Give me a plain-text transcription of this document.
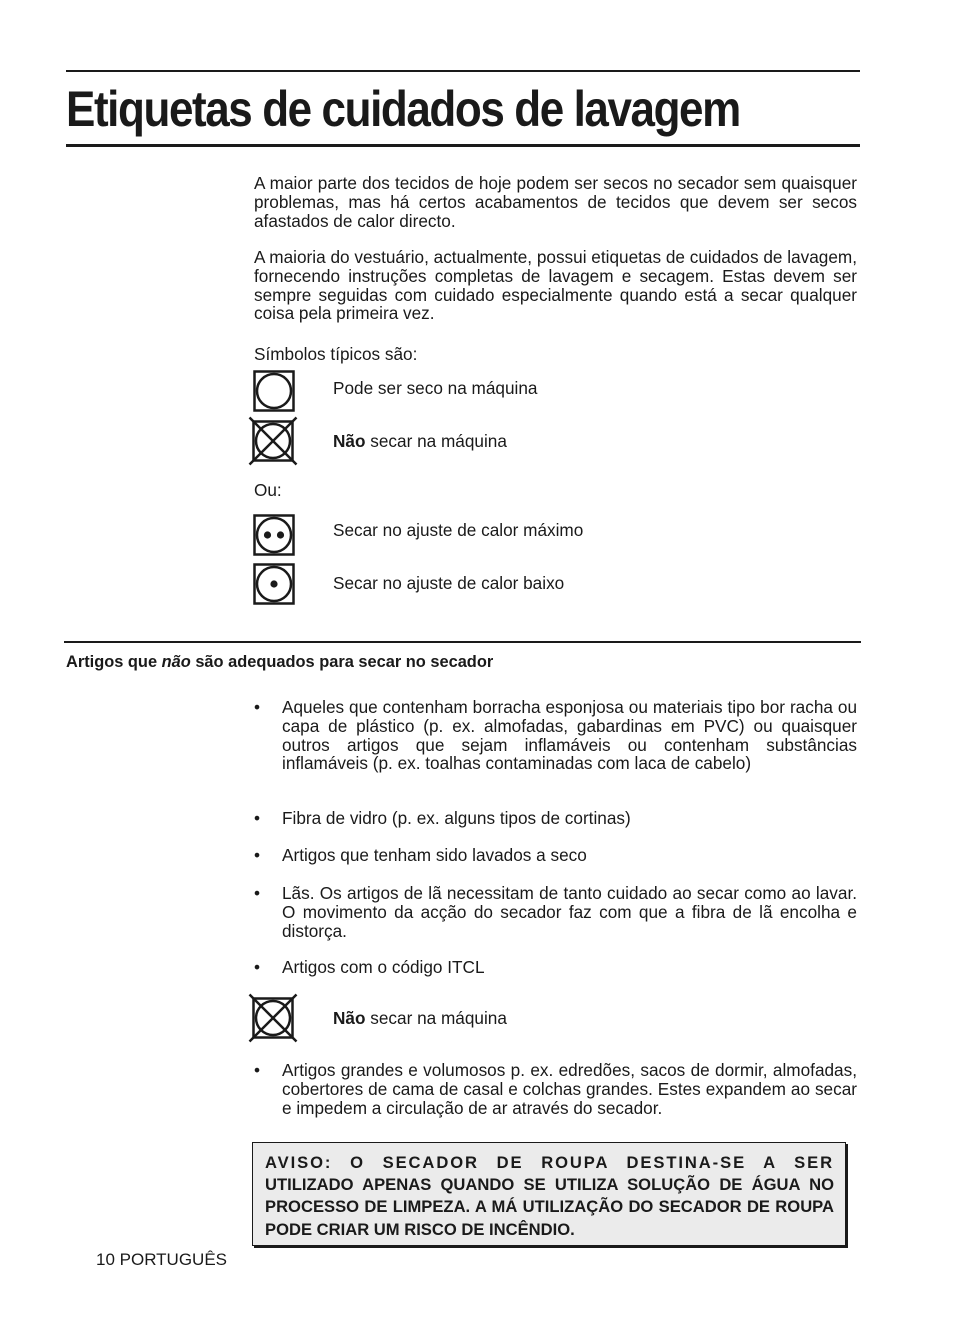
Etiquetas de cuidados de lavagem

A maior parte dos tecidos de hoje podem ser secos no secador sem quaisquer problemas, mas há certos acabamentos de tecidos que devem ser secos afastados de calor directo.

A maioria do vestuário, actualmente, possui etiquetas de cuidados de lavagem, fornecendo instruções completas de lavagem e secagem. Estas devem ser sempre seguidas com cuidado especialmente quando está a secar qualquer coisa pela primeira vez.

Símbolos típicos são:

Pode ser seco na máquina
Não secar na máquina

Ou:

Secar no ajuste de calor máximo
Secar no ajuste de calor baixo
Artigos que não são adequados para secar no secador
• Aqueles que contenham borracha esponjosa ou materiais tipo bor racha ou capa de plástico (p. ex. almofadas, gabardinas em PVC) ou quaisquer outros artigos que sejam inflamáveis ou contenham substâncias inflamáveis (p. ex. toalhas contaminadas com laca de cabelo)
• Fibra de vidro (p. ex. alguns tipos de cortinas)
• Artigos que tenham sido lavados a seco
• Lãs. Os artigos de lã necessitam de tanto cuidado ao secar como ao lavar. O movimento da acção do secador faz com que a fibra de lã encolha e distorça.
• Artigos com o código ITCL
Não secar na máquina
• Artigos grandes e volumosos p. ex. edredões, sacos de dormir, almofadas, cobertores de cama de casal e colchas grandes. Estes expandem ao secar e impedem a circulação de ar através do secador.
AVISO: O SECADOR DE ROUPA DESTINA-SE A SER UTILIZADO APENAS QUANDO SE UTILIZA SOLUÇÃO DE ÁGUA NO PROCESSO DE LIMPEZA. A MÁ UTILIZAÇÃO DO SECADOR DE ROUPA PODE CRIAR UM RISCO DE INCÊNDIO.
10 PORTUGUÊS
